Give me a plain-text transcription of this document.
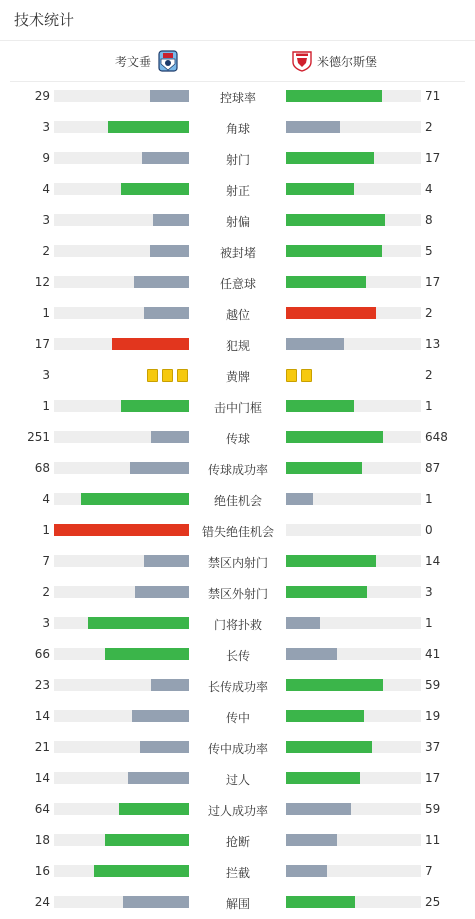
技术统计
考文垂	米德尔斯堡
29	控球率	71
3	角球	2
9	射门	17
4	射正	4
3	射偏	8
2	被封堵	5
12	任意球	17
1	越位	2
17	犯规	13
3	黄牌	2
1	击中门框	1
251	传球	648
68	传球成功率	87
4	绝佳机会	1
1	错失绝佳机会	0
7	禁区内射门	14
2	禁区外射门	3
3	门将扑救	1
66	长传	41
23	长传成功率	59
14	传中	19
21	传中成功率	37
14	过人	17
64	过人成功率	59
18	抢断	11
16	拦截	7
24	解围	25
